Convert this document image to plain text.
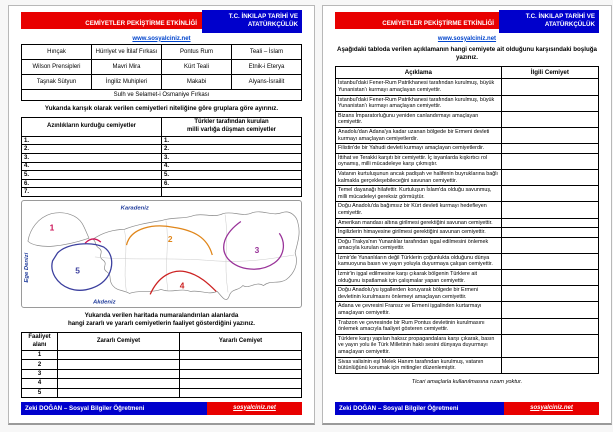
CEMİYETLER PEKİŞTİRME ETKİNLİĞİ
T.C. İNKILAP TARİHİ VE
ATATÜRKÇÜLÜK
www.sosyalciniz.net
Hınçak	Hürriyet ve İtilaf Fırkası	Pontus Rum	Teali – İslam
Wilson Prensipleri	Mavri Mira	Kürt Teali	Etnik-i Eterya
Taşnak Sütyun	İngiliz Muhipleri	Makabi	Alyans-İsrailit
Sulh ve Selamet-i Osmaniye Fırkası			
Yukarıda karışık olarak verilen cemiyetleri niteliğine göre gruplara göre ayırınız.
Azınlıkların kurduğu cemiyetler	Türkler tarafından kurulan
milli varlığa düşman cemiyetler

1.	1.
2.	2.
3.	3.
4.	4.
5.	5.
6.	6.
7.	
1
2
3
4
5
Karadeniz
Ege Denizi
Akdeniz
Yukarıda verilen haritada numaralandırılan alanlarda
hangi zararlı ve yararlı cemiyetlerin faaliyet gösterdiğini yazınız.
Faaliyet alanı	Zararlı Cemiyet	Yararlı Cemiyet
1		
2		
3		
4		
5		
Zeki DOĞAN – Sosyal Bilgiler Öğretmeni	sosyalciniz.net
CEMİYETLER PEKİŞTİRME ETKİNLİĞİ
T.C. İNKILAP TARİHİ VE
ATATÜRKÇÜLÜK
www.sosyalciniz.net
Aşağıdaki tabloda verilen açıklamanın hangi cemiyete ait olduğunu karşısındaki boşluğa yazınız.
Açıklama	İlgili Cemiyet
İstanbul'daki Fener-Rum Patrikhanesi tarafından kurulmuş, büyük Yunanistan'ı kurmayı amaçlayan cemiyettir.	
İstanbul'daki Fener-Rum Patrikhanesi tarafından kurulmuş, büyük Yunanistan'ı kurmayı amaçlayan cemiyettir.	
Bizans İmparatorluğunu yeniden canlandırmayı amaçlayan cemiyettir.	
Anadolu'dan Adana'ya kadar uzanan bölgede bir Ermeni devleti kurmayı amaçlayan cemiyetlerdir.	
Filistin'de bir Yahudi devleti kurmayı amaçlayan cemiyetlerdir.	
İttihat ve Terakki karşıtı bir cemiyettir. İç isyanlarda kışkırtıcı rol oynamış, milli mücadeleye karşı çıkmıştır.	
Vatanın kurtuluşunun ancak padişah ve halifenin buyruklarına bağlı kalmakla gerçekleşebileceğini savunan cemiyettir.	
Temel dayanağı hilafettir. Kurtuluşun İslam'da olduğu savunmuş, milli mücadeleyi gereksiz görmüştür.	
Doğu Anadolu'da bağımsız bir Kürt devleti kurmayı hedefleyen cemiyettir.	
Amerikan mandası altına girilmesi gerektiğini savunan cemiyettir.	
İngilizlerin himayesine girilmesi gerektiğini savunan cemiyettir.	
Doğu Trakya'nın Yunanlılar tarafından işgal edilmesini önlemek amacıyla kurulan cemiyettir.	
İzmir'de Yunanlıların değil Türklerin çoğunlukta olduğunu dünya kamuoyuna basın ve yayın yoluyla duyurmaya çalışan cemiyettir.	
İzmir'in işgal edilmesine karşı çıkarak bölgenin Türklere ait olduğunu ispatlamak için çalışmalar yapan cemiyettir.	
Doğu Anadolu'yu işgallerden koruyarak bölgede bir Ermeni devletinin kurulmasını önlemeyi amaçlayan cemiyettir.	
Adana ve çevresini Fransız ve Ermeni işgalinden kurtarmayı amaçlayan cemiyettir.	
Trabzon ve çevresinde bir Rum Pontus devletinin kurulmasını önlemek amacıyla faaliyet gösteren cemiyettir.	
Türklere karşı yapılan haksız propagandalara karşı çıkarak, basın ve yayın yolu ile Türk Milletinin haklı sesini dünyaya duyurmayı amaçlayan cemiyettir.	
Sivas valisinin eşi Melek Hanım tarafından kurulmuş, vatanın bütünlüğünü korumak için mitingler düzenlemiştir.	
Ticari amaçlarla kullanılmasına rızam yoktur.
Zeki DOĞAN – Sosyal Bilgiler Öğretmeni	sosyalciniz.net
